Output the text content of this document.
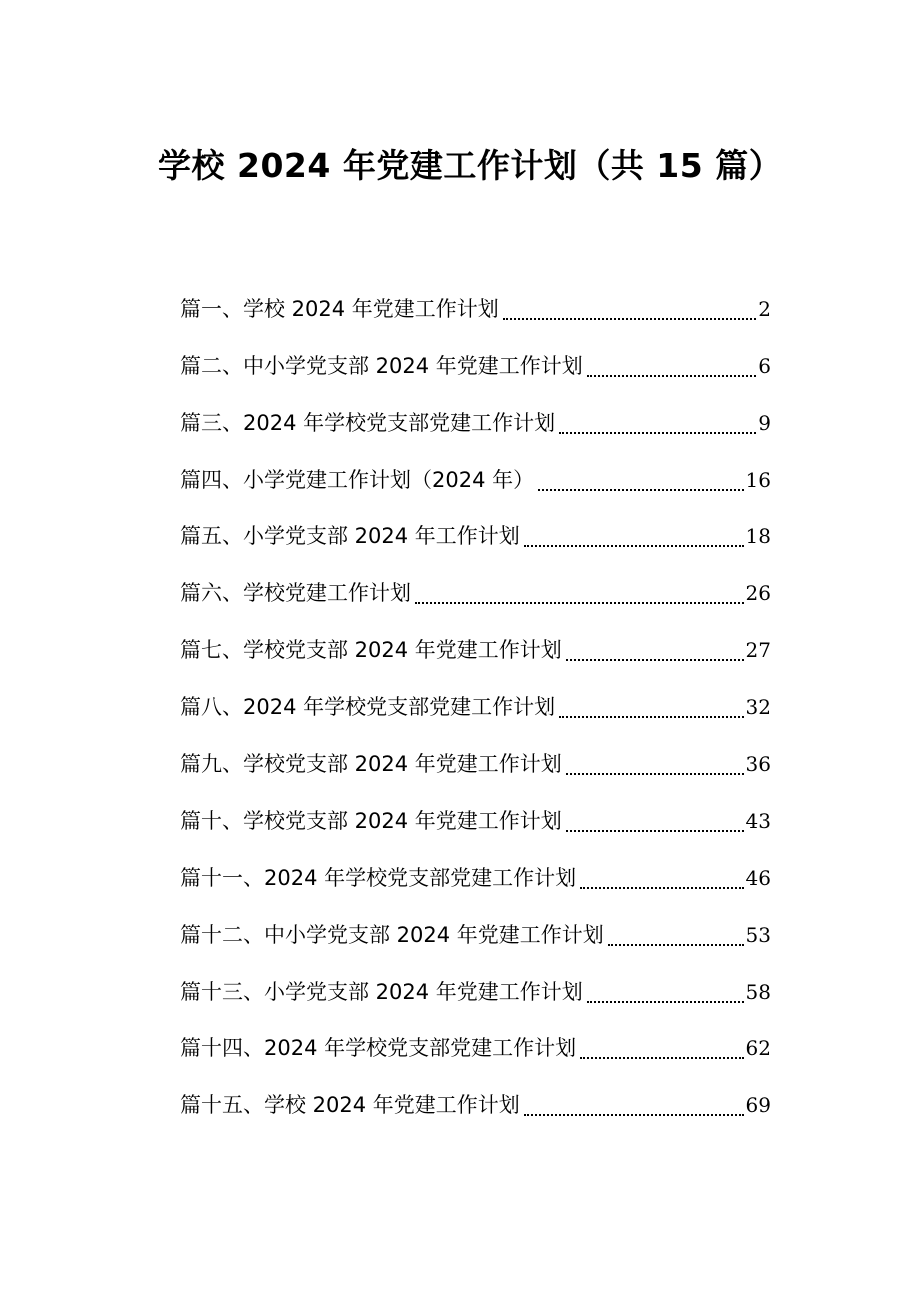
学校 2024 年党建工作计划（共 15 篇）
篇一、学校 2024 年党建工作计划	2
篇二、中小学党支部 2024 年党建工作计划	6
篇三、2024 年学校党支部党建工作计划	9
篇四、小学党建工作计划（2024 年）	16
篇五、小学党支部 2024 年工作计划	18
篇六、学校党建工作计划	26
篇七、学校党支部 2024 年党建工作计划	27
篇八、2024 年学校党支部党建工作计划	32
篇九、学校党支部 2024 年党建工作计划	36
篇十、学校党支部 2024 年党建工作计划	43
篇十一、2024 年学校党支部党建工作计划	46
篇十二、中小学党支部 2024 年党建工作计划	53
篇十三、小学党支部 2024 年党建工作计划	58
篇十四、2024 年学校党支部党建工作计划	62
篇十五、学校 2024 年党建工作计划	69
